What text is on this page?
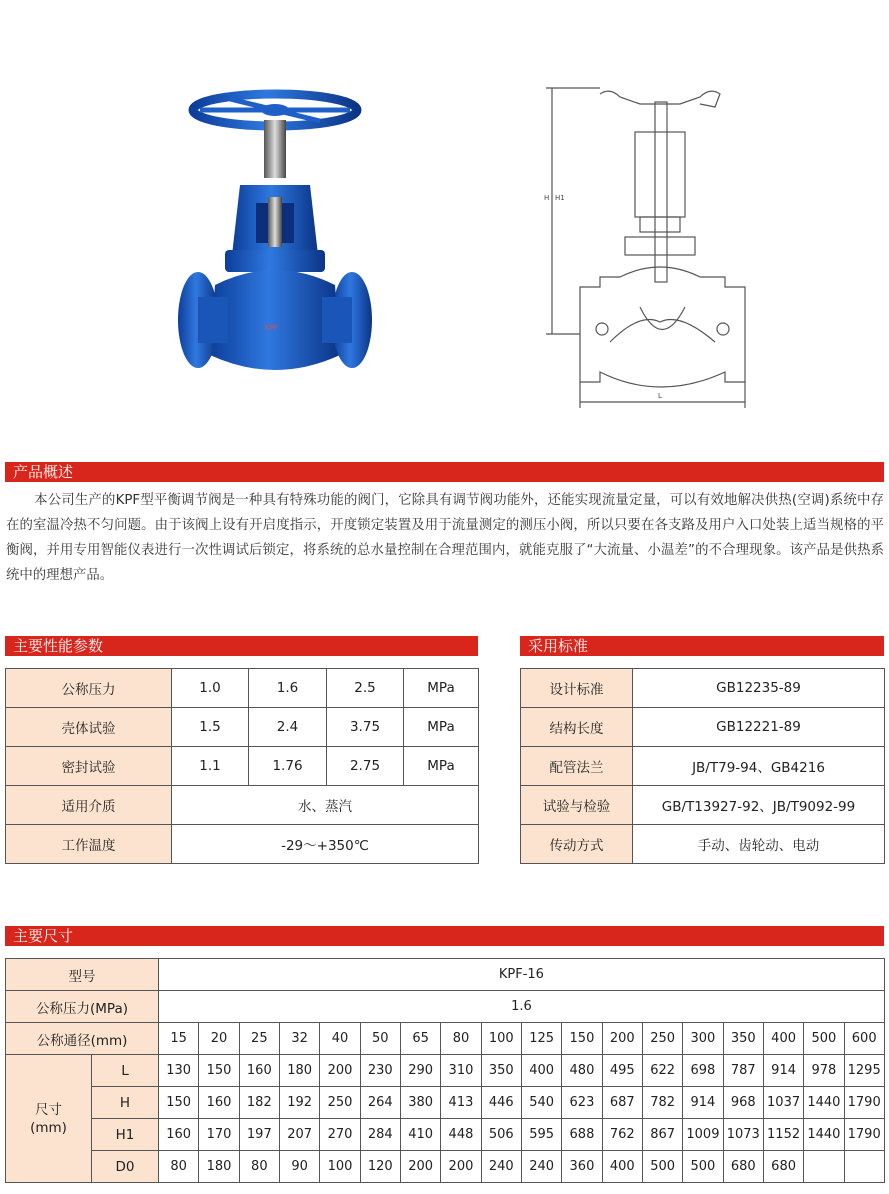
KPF
H H1
L
产品概述
本公司生产的KPF型平衡调节阀是一种具有特殊功能的阀门，它除具有调节阀功能外，还能实现流量定量，可以有效地解决供热(空调)系统中存在的室温冷热不匀问题。由于该阀上设有开启度指示，开度锁定装置及用于流量测定的测压小阀，所以只要在各支路及用户入口处装上适当规格的平衡阀，并用专用智能仪表进行一次性调试后锁定，将系统的总水量控制在合理范围内，就能克服了“大流量、小温差”的不合理现象。该产品是供热系统中的理想产品。
主要性能参数
公称压力	1.0	1.6	2.5	MPa
壳体试验	1.5	2.4	3.75	MPa
密封试验	1.1	1.76	2.75	MPa
适用介质	水、蒸汽			
工作温度	-29～+350℃			
采用标准
设计标准	GB12235-89
结构长度	GB12221-89
配管法兰	JB/T79-94、GB4216
试验与检验	GB/T13927-92、JB/T9092-99
传动方式	手动、齿轮动、电动
主要尺寸
型号		KPF-16																	
公称压力(MPa)		1.6																	
公称通径(mm)		15	20	25	32	40	50	65	80	100	125	150	200	250	300	350	400	500	600

尺寸
(mm)	L	130	150	160	180	200	230	290	310	350	400	480	495	622	698	787	914	978	1295
	H	150	160	182	192	250	264	380	413	446	540	623	687	782	914	968	1037	1440	1790
	H1	160	170	197	207	270	284	410	448	506	595	688	762	867	1009	1073	1152	1440	1790
	D0	80	180	80	90	100	120	200	200	240	240	360	400	500	500	680	680		
